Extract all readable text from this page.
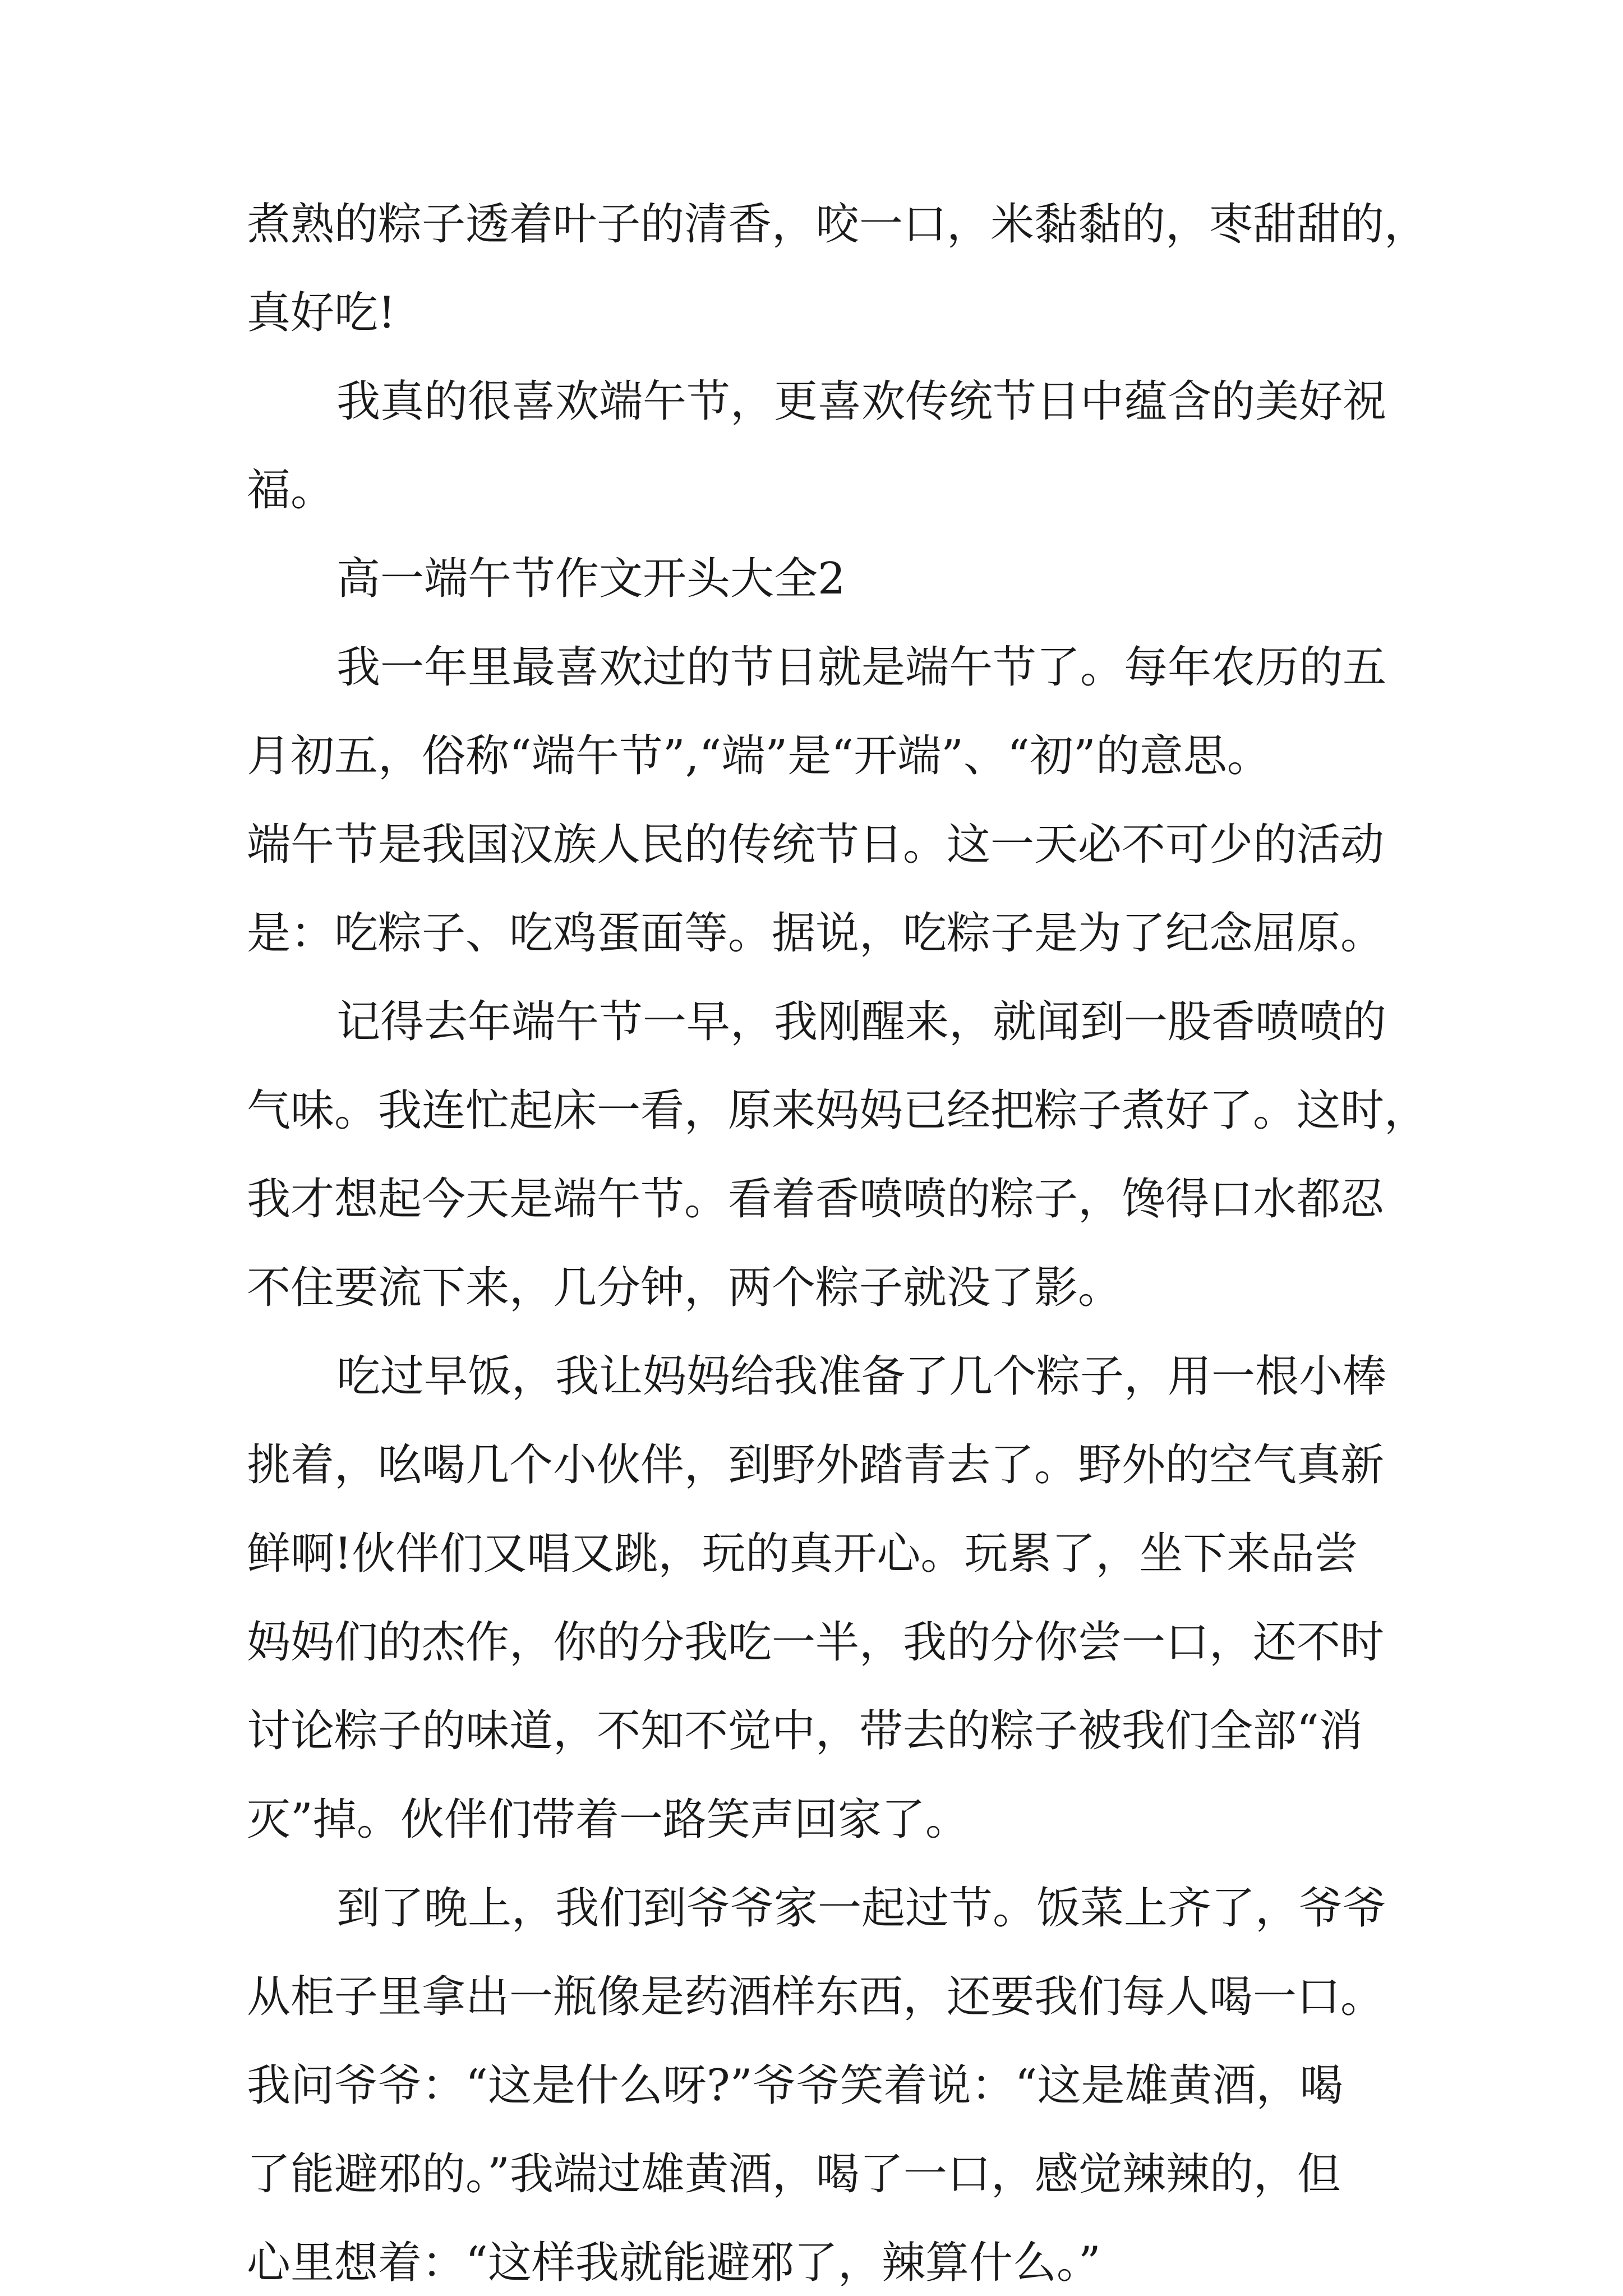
煮熟的粽子透着叶子的清香，咬一口，米黏黏的，枣甜甜的，
真好吃!
我真的很喜欢端午节，更喜欢传统节日中蕴含的美好祝
福。
高一端午节作文开头大全2
我一年里最喜欢过的节日就是端午节了。每年农历的五
月初五，俗称“端午节”,“端”是“开端”、“初”的意思。
端午节是我国汉族人民的传统节日。这一天必不可少的活动
是：吃粽子、吃鸡蛋面等。据说，吃粽子是为了纪念屈原。
记得去年端午节一早，我刚醒来，就闻到一股香喷喷的
气味。我连忙起床一看，原来妈妈已经把粽子煮好了。这时，
我才想起今天是端午节。看着香喷喷的粽子，馋得口水都忍
不住要流下来，几分钟，两个粽子就没了影。
吃过早饭，我让妈妈给我准备了几个粽子，用一根小棒
挑着，吆喝几个小伙伴，到野外踏青去了。野外的空气真新
鲜啊!伙伴们又唱又跳，玩的真开心。玩累了，坐下来品尝
妈妈们的杰作，你的分我吃一半，我的分你尝一口，还不时
讨论粽子的味道，不知不觉中，带去的粽子被我们全部“消
灭”掉。伙伴们带着一路笑声回家了。
到了晚上，我们到爷爷家一起过节。饭菜上齐了，爷爷
从柜子里拿出一瓶像是药酒样东西，还要我们每人喝一口。
我问爷爷：“这是什么呀?”爷爷笑着说：“这是雄黄酒，喝
了能避邪的。”我端过雄黄酒，喝了一口，感觉辣辣的，但
心里想着：“这样我就能避邪了，辣算什么。”
